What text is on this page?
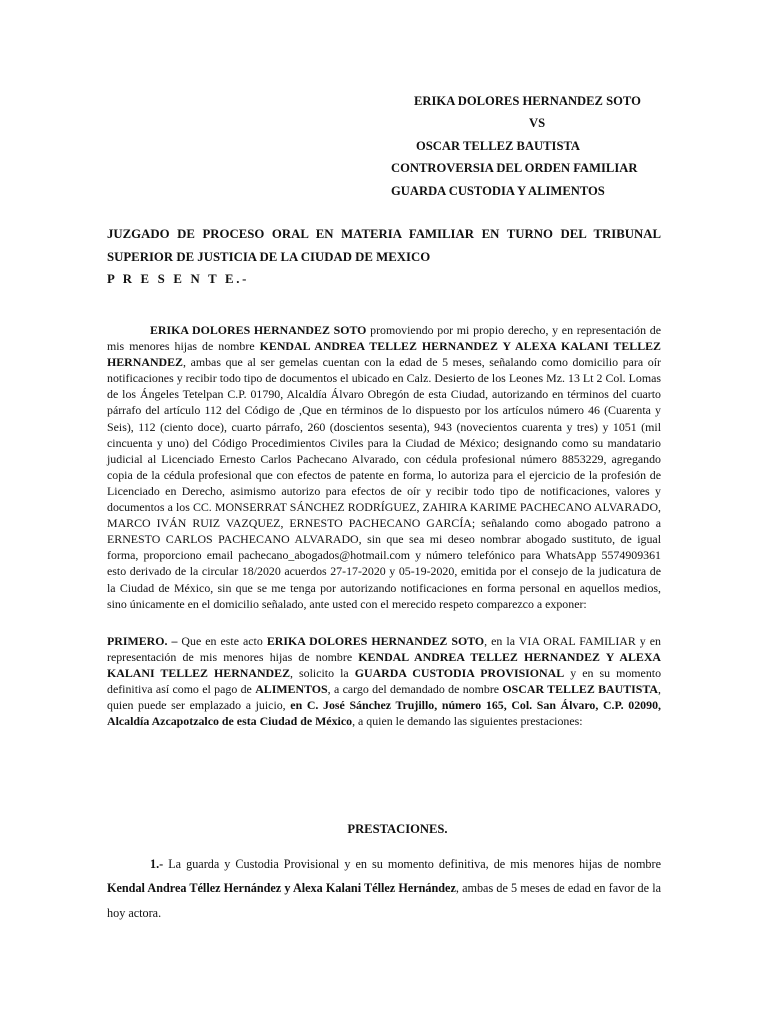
ERIKA DOLORES HERNANDEZ SOTO
VS
OSCAR TELLEZ BAUTISTA
CONTROVERSIA DEL ORDEN FAMILIAR
GUARDA CUSTODIA Y ALIMENTOS
JUZGADO DE PROCESO ORAL EN MATERIA FAMILIAR EN TURNO DEL TRIBUNAL
SUPERIOR DE JUSTICIA DE LA CIUDAD DE MEXICO
P R E S E N T E.-
ERIKA DOLORES HERNANDEZ SOTO promoviendo por mi propio derecho, y en representación de mis menores hijas de nombre KENDAL ANDREA TELLEZ HERNANDEZ Y ALEXA KALANI TELLEZ HERNANDEZ, ambas que al ser gemelas cuentan con la edad de 5 meses, señalando como domicilio para oír notificaciones y recibir todo tipo de documentos el ubicado en Calz. Desierto de los Leones Mz. 13 Lt 2 Col. Lomas de los Ángeles Tetelpan C.P. 01790, Alcaldía Álvaro Obregón de esta Ciudad, autorizando en términos del cuarto párrafo del artículo 112 del Código de ,Que en términos de lo dispuesto por los artículos número 46 (Cuarenta y Seis), 112 (ciento doce), cuarto párrafo, 260 (doscientos sesenta), 943 (novecientos cuarenta y tres) y 1051 (mil cincuenta y uno) del Código Procedimientos Civiles para la Ciudad de México; designando como su mandatario judicial al Licenciado Ernesto Carlos Pachecano Alvarado, con cédula profesional número 8853229, agregando copia de la cédula profesional que con efectos de patente en forma, lo autoriza para el ejercicio de la profesión de Licenciado en Derecho, asimismo autorizo para efectos de oír y recibir todo tipo de notificaciones, valores y documentos a los CC. MONSERRAT SÁNCHEZ RODRÍGUEZ, ZAHIRA KARIME PACHECANO ALVARADO, MARCO IVÁN RUIZ VAZQUEZ, ERNESTO PACHECANO GARCÍA; señalando como abogado patrono a ERNESTO CARLOS PACHECANO ALVARADO, sin que sea mi deseo nombrar abogado sustituto, de igual forma, proporciono email pachecano_abogados@hotmail.com y número telefónico para WhatsApp 5574909361 esto derivado de la circular 18/2020 acuerdos 27-17-2020 y 05-19-2020, emitida por el consejo de la judicatura de la Ciudad de México, sin que se me tenga por autorizando notificaciones en forma personal en aquellos medios, sino únicamente en el domicilio señalado, ante usted con el merecido respeto comparezco a exponer:
PRIMERO. – Que en este acto ERIKA DOLORES HERNANDEZ SOTO, en la VIA ORAL FAMILIAR y en representación de mis menores hijas de nombre KENDAL ANDREA TELLEZ HERNANDEZ Y ALEXA KALANI TELLEZ HERNANDEZ, solicito la GUARDA CUSTODIA PROVISIONAL y en su momento definitiva así como el pago de ALIMENTOS, a cargo del demandado de nombre OSCAR TELLEZ BAUTISTA, quien puede ser emplazado a juicio, en C. José Sánchez Trujillo, número 165, Col. San Álvaro, C.P. 02090, Alcaldía Azcapotzalco de esta Ciudad de México, a quien le demando las siguientes prestaciones:
PRESTACIONES.
1.- La guarda y Custodia Provisional y en su momento definitiva, de mis menores hijas de nombre Kendal Andrea Téllez Hernández y Alexa Kalani Téllez Hernández, ambas de 5 meses de edad en favor de la hoy actora.
